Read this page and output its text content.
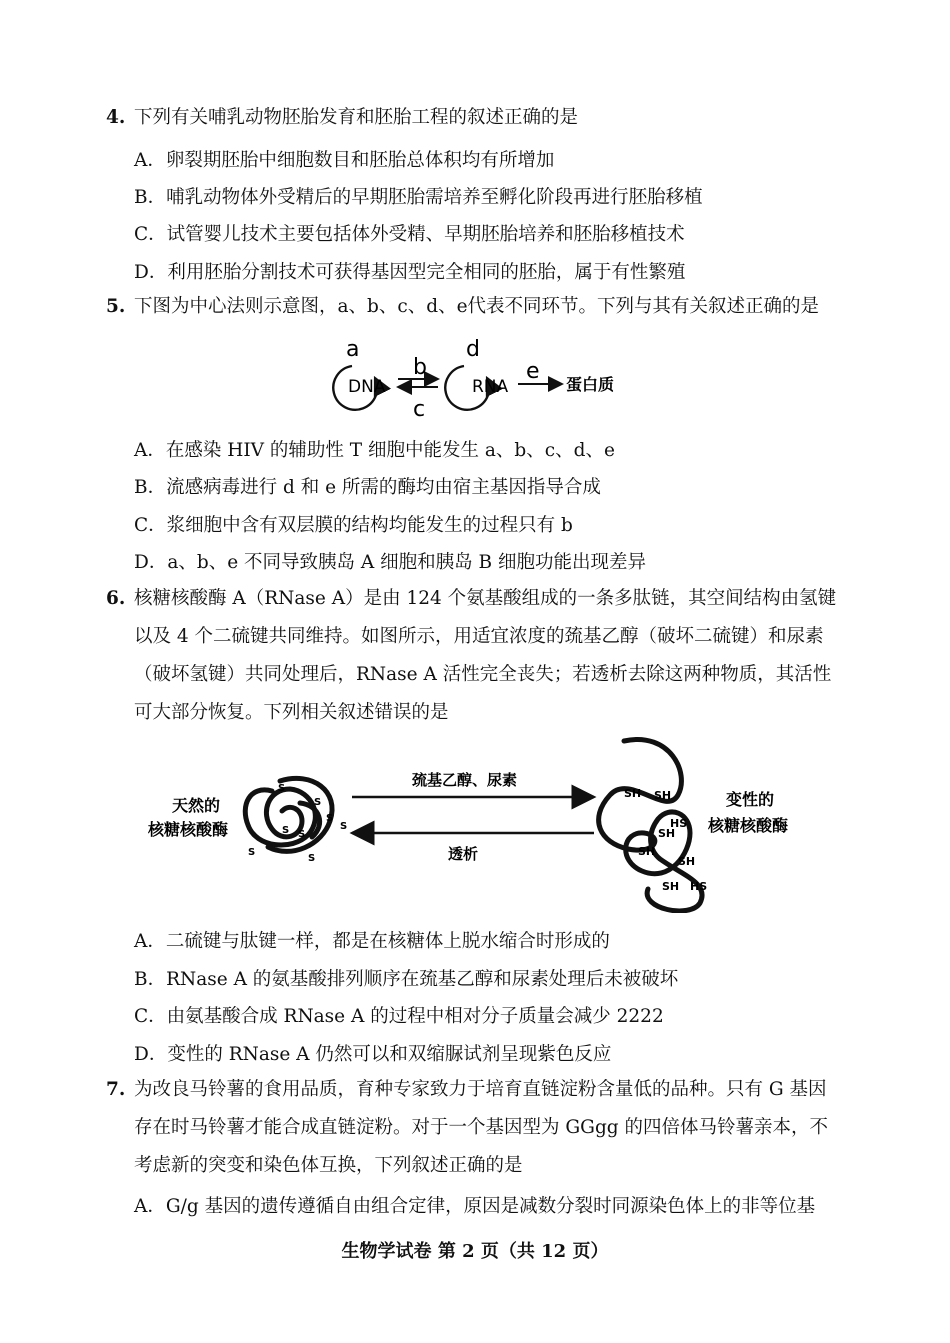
4. 下列有关哺乳动物胚胎发育和胚胎工程的叙述正确的是
A．卵裂期胚胎中细胞数目和胚胎总体积均有所增加
B．哺乳动物体外受精后的早期胚胎需培养至孵化阶段再进行胚胎移植
C．试管婴儿技术主要包括体外受精、早期胚胎培养和胚胎移植技术
D．利用胚胎分割技术可获得基因型完全相同的胚胎，属于有性繁殖
5. 下图为中心法则示意图，a、b、c、d、e代表不同环节。下列与其有关叙述正确的是
a
DNA
b
c
d
RNA
e
蛋白质
A．在感染 HIV 的辅助性 T 细胞中能发生 a、b、c、d、e
B．流感病毒进行 d 和 e 所需的酶均由宿主基因指导合成
C．浆细胞中含有双层膜的结构均能发生的过程只有 b
D．a、b、e 不同导致胰岛 A 细胞和胰岛 B 细胞功能出现差异
6. 核糖核酸酶 A（RNase A）是由 124 个氨基酸组成的一条多肽链，其空间结构由氢键
以及 4 个二硫键共同维持。如图所示，用适宜浓度的巯基乙醇（破坏二硫键）和尿素
（破坏氢键）共同处理后，RNase A 活性完全丧失；若透析去除这两种物质，其活性
可大部分恢复。下列相关叙述错误的是
天然的
核糖核酸酶
S
S
S
S S
S
S
S
巯基乙醇、尿素
透析
SH SH
HS
SH
SH
SH
SH HS
变性的
核糖核酸酶
A．二硫键与肽键一样，都是在核糖体上脱水缩合时形成的
B．RNase A 的氨基酸排列顺序在巯基乙醇和尿素处理后未被破坏
C．由氨基酸合成 RNase A 的过程中相对分子质量会减少 2222
D．变性的 RNase A 仍然可以和双缩脲试剂呈现紫色反应
7. 为改良马铃薯的食用品质，育种专家致力于培育直链淀粉含量低的品种。只有 G 基因
存在时马铃薯才能合成直链淀粉。对于一个基因型为 GGgg 的四倍体马铃薯亲本，不
考虑新的突变和染色体互换，下列叙述正确的是
A．G/g 基因的遗传遵循自由组合定律，原因是减数分裂时同源染色体上的非等位基
生物学试卷 第 2 页（共 12 页）
